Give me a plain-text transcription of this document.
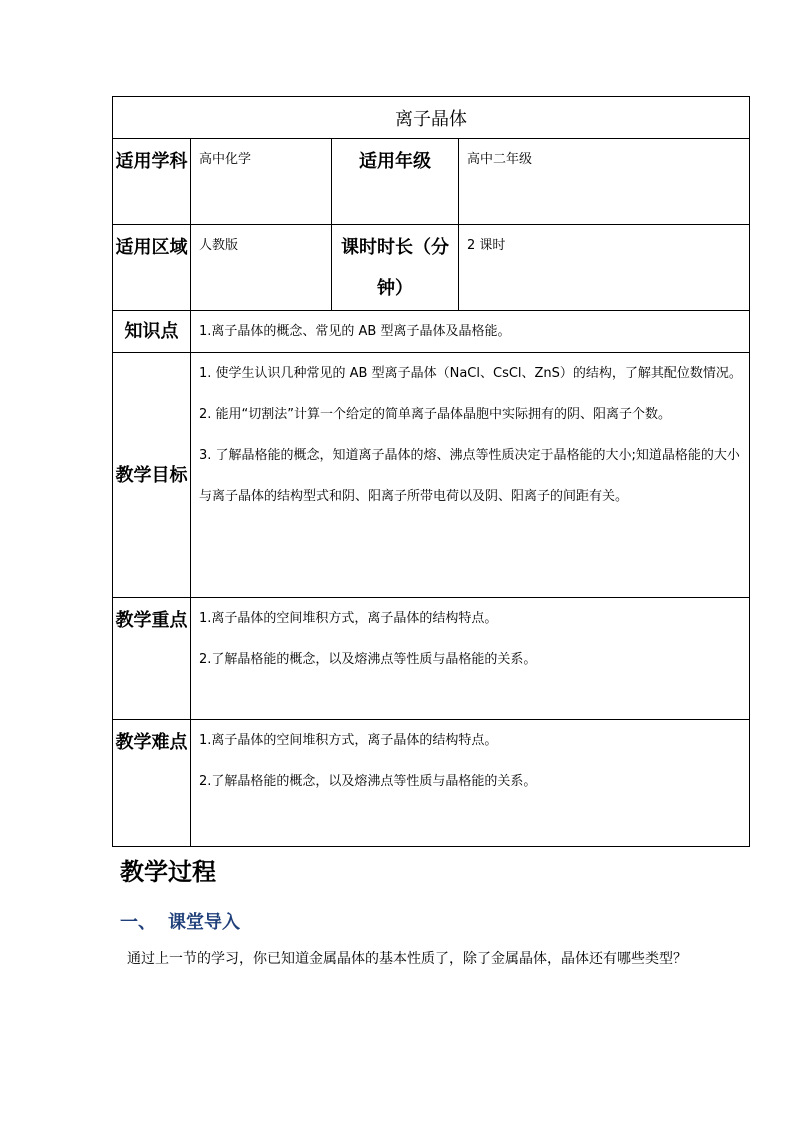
离子晶体			
适用学科	高中化学	适用年级	高中二年级
适用区域	人教版	课时时长（分钟）	2 课时
知识点	1.离子晶体的概念、常见的 AB 型离子晶体及晶格能。		
教学目标	1. 使学生认识几种常见的 AB 型离子晶体（NaCl、CsCl、ZnS）的结构，了解其配位数情况。

2. 能用“切割法”计算一个给定的简单离子晶体晶胞中实际拥有的阴、阳离子个数。

3. 了解晶格能的概念，知道离子晶体的熔、沸点等性质决定于晶格能的大小;知道晶格能的大小与离子晶体的结构型式和阴、阳离子所带电荷以及阴、阳离子的间距有关。		

教学重点	1.离子晶体的空间堆积方式，离子晶体的结构特点。

2.了解晶格能的概念，以及熔沸点等性质与晶格能的关系。		

教学难点	1.离子晶体的空间堆积方式，离子晶体的结构特点。

2.了解晶格能的概念，以及熔沸点等性质与晶格能的关系。		

教学过程
一、 课堂导入

通过上一节的学习，你已知道金属晶体的基本性质了，除了金属晶体，晶体还有哪些类型？
